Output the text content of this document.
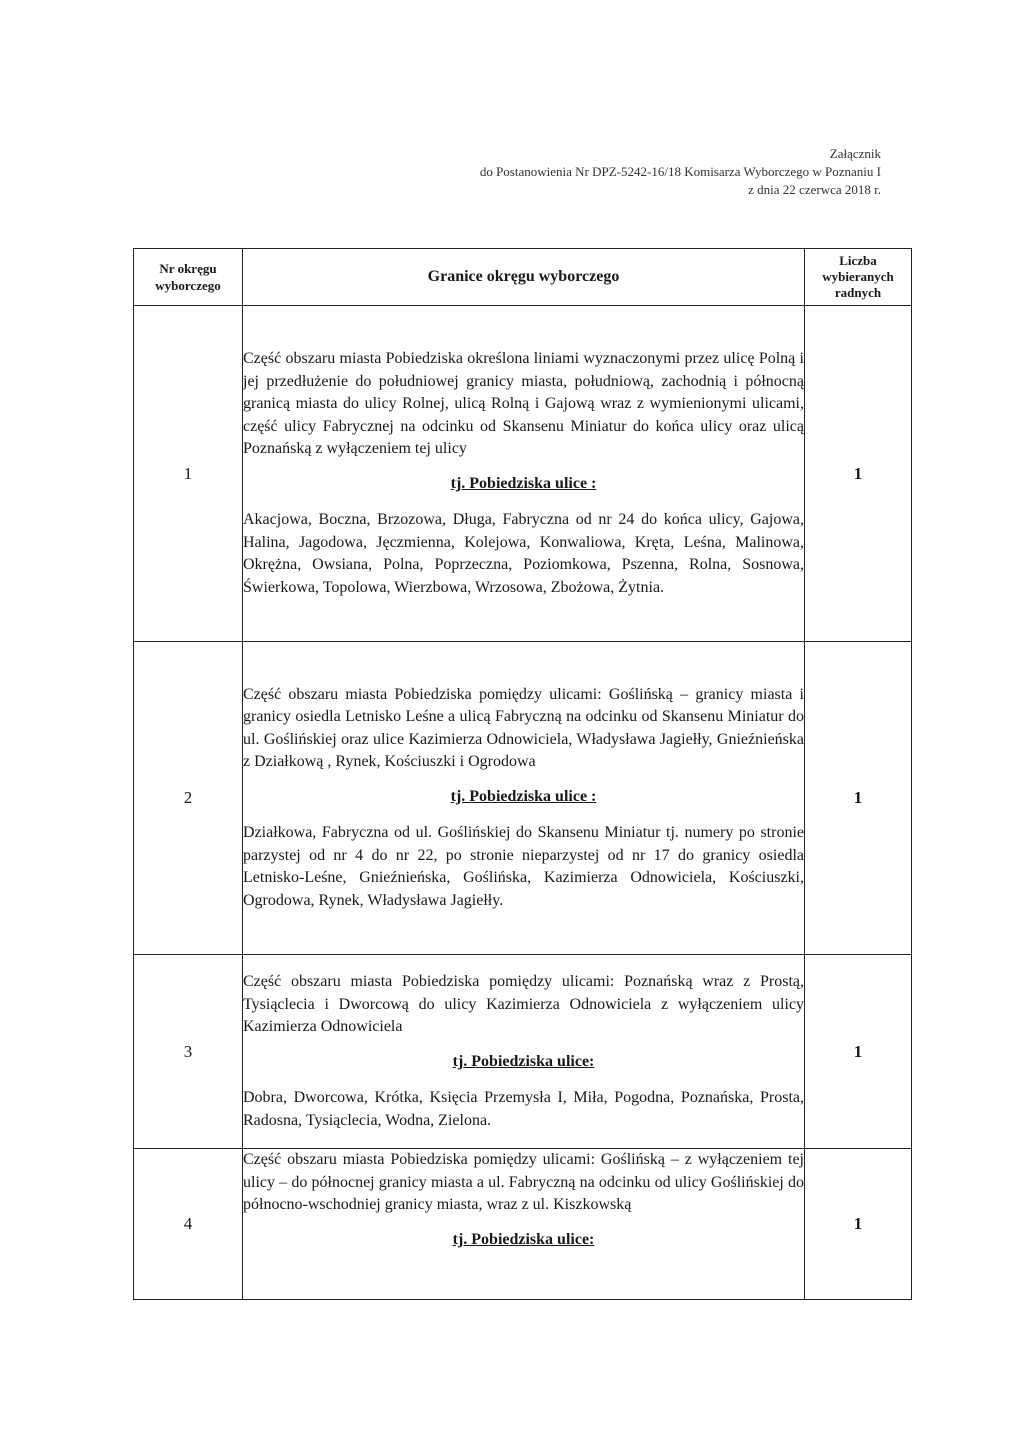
Załącznik
do Postanowienia Nr DPZ-5242-16/18 Komisarza Wyborczego w Poznaniu I
z dnia 22 czerwca 2018 r.
Nr okręgu wyborczego	Granice okręgu wyborczego	Liczba wybieranych radnych
1	Część obszaru miasta Pobiedziska określona liniami wyznaczonymi przez ulicę Polną i jej przedłużenie do południowej granicy miasta, południową, zachodnią i północną granicą miasta do ulicy Rolnej, ulicą Rolną i Gajową wraz z wymienionymi ulicami, część ulicy Fabrycznej na odcinku od Skansenu Miniatur do końca ulicy oraz ulicą Poznańską z wyłączeniem tej ulicy

tj. Pobiedziska ulice :

Akacjowa, Boczna, Brzozowa, Długa, Fabryczna od nr 24 do końca ulicy, Gajowa, Halina, Jagodowa, Jęczmienna, Kolejowa, Konwaliowa, Kręta, Leśna, Malinowa, Okrężna, Owsiana, Polna, Poprzeczna, Poziomkowa, Pszenna, Rolna, Sosnowa, Świerkowa, Topolowa, Wierzbowa, Wrzosowa, Zbożowa, Żytnia.	1
2	Część obszaru miasta Pobiedziska pomiędzy ulicami: Goślińską – granicy miasta i granicy osiedla Letnisko Leśne a ulicą Fabryczną na odcinku od Skansenu Miniatur do ul. Goślińskiej oraz ulice Kazimierza Odnowiciela, Władysława Jagiełły, Gnieźnieńska z Działkową , Rynek, Kościuszki i Ogrodowa

tj. Pobiedziska ulice :

Działkowa, Fabryczna od ul. Goślińskiej do Skansenu Miniatur tj. numery po stronie parzystej od nr 4 do nr 22, po stronie nieparzystej od nr 17 do granicy osiedla Letnisko-Leśne, Gnieźnieńska, Goślińska, Kazimierza Odnowiciela, Kościuszki, Ogrodowa, Rynek, Władysława Jagiełły.	1
3	Część obszaru miasta Pobiedziska pomiędzy ulicami: Poznańską wraz z Prostą, Tysiąclecia i Dworcową do ulicy Kazimierza Odnowiciela z wyłączeniem ulicy Kazimierza Odnowiciela

tj. Pobiedziska ulice:

Dobra, Dworcowa, Krótka, Księcia Przemysła I, Miła, Pogodna, Poznańska, Prosta, Radosna, Tysiąclecia, Wodna, Zielona.	1
4	Część obszaru miasta Pobiedziska pomiędzy ulicami: Goślińską – z wyłączeniem tej ulicy – do północnej granicy miasta a ul. Fabryczną na odcinku od ulicy Goślińskiej do północno-wschodniej granicy miasta, wraz z ul. Kiszkowską

tj. Pobiedziska ulice:	1
